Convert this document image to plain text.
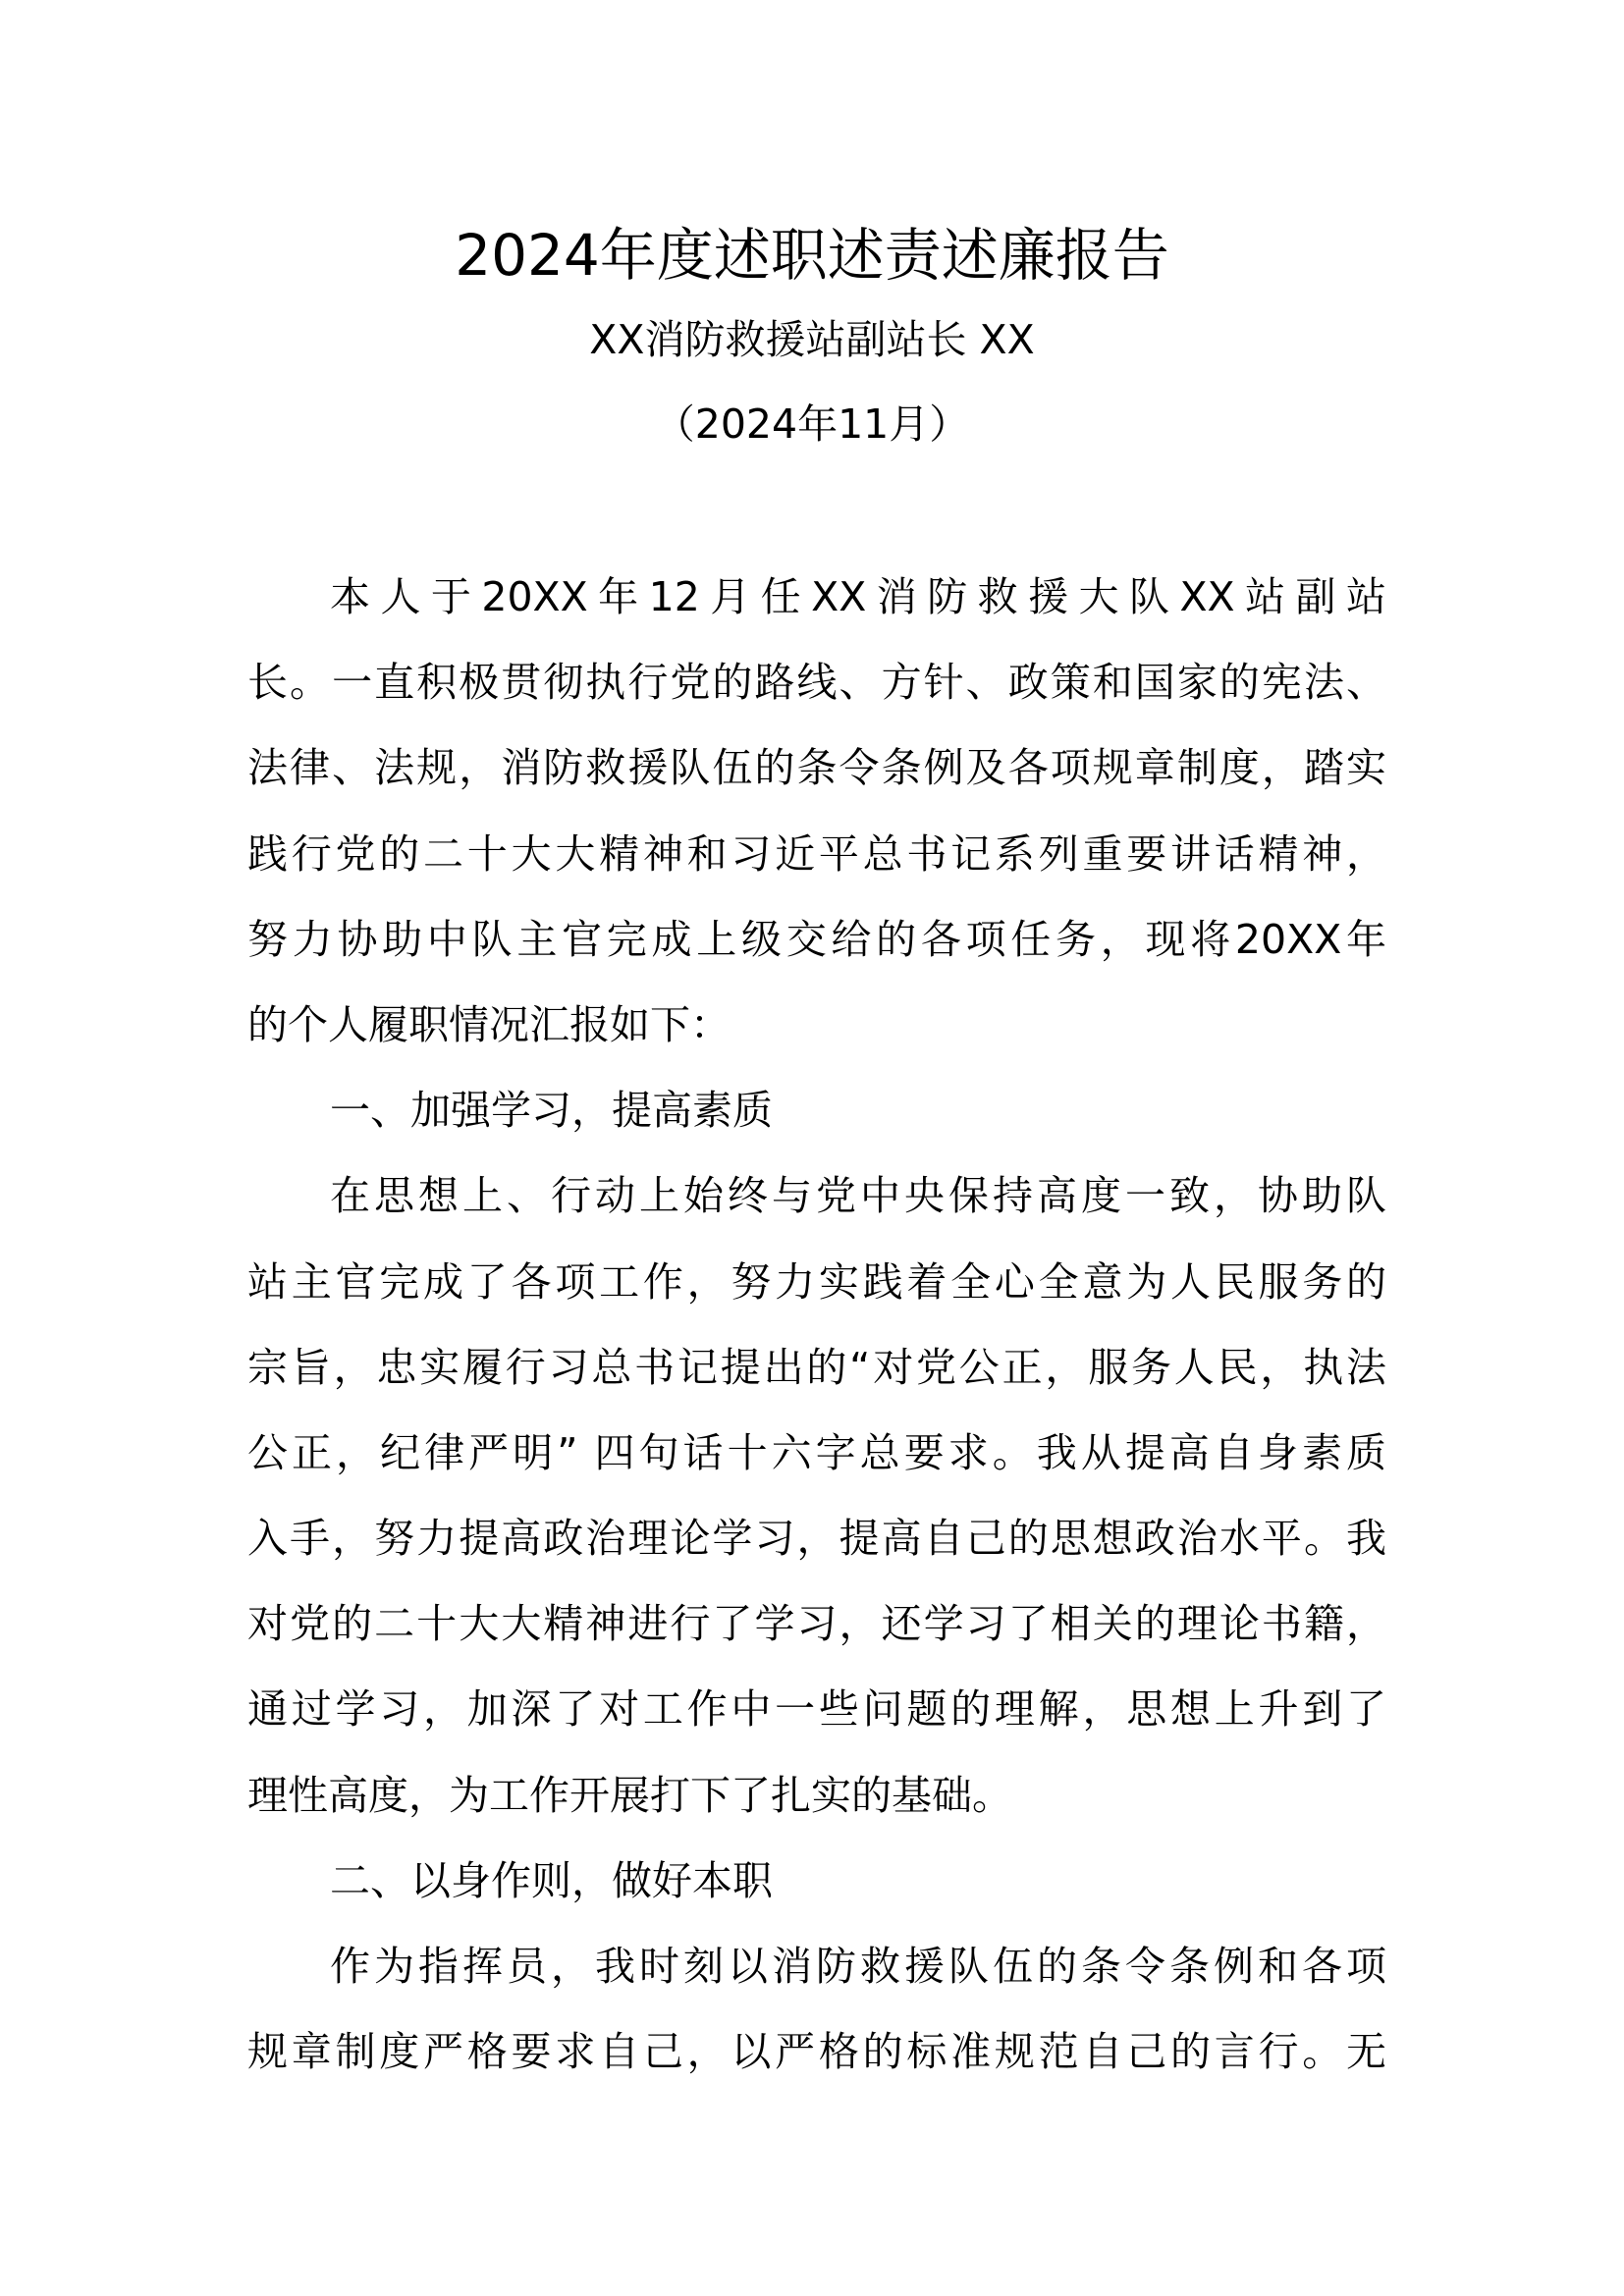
2024年度述职述责述廉报告
XX消防救援站副站长 XX
（2024年11月）
本人于20XX年12月任XX消防救援大队XX站副站
长。一直积极贯彻执行党的路线、方针、政策和国家的宪法、
法律、法规，消防救援队伍的条令条例及各项规章制度，踏实
践行党的二十大大精神和习近平总书记系列重要讲话精神，
努力协助中队主官完成上级交给的各项任务，现将20XX年
的个人履职情况汇报如下：
一、加强学习，提高素质
在思想上、行动上始终与党中央保持高度一致，协助队
站主官完成了各项工作，努力实践着全心全意为人民服务的
宗旨，忠实履行习总书记提出的“对党公正，服务人民，执法
公正，纪律严明” 四句话十六字总要求。我从提高自身素质
入手，努力提高政治理论学习，提高自己的思想政治水平。我
对党的二十大大精神进行了学习，还学习了相关的理论书籍，
通过学习，加深了对工作中一些问题的理解，思想上升到了
理性高度，为工作开展打下了扎实的基础。
二、以身作则，做好本职
作为指挥员，我时刻以消防救援队伍的条令条例和各项
规章制度严格要求自己，以严格的标准规范自己的言行。无
